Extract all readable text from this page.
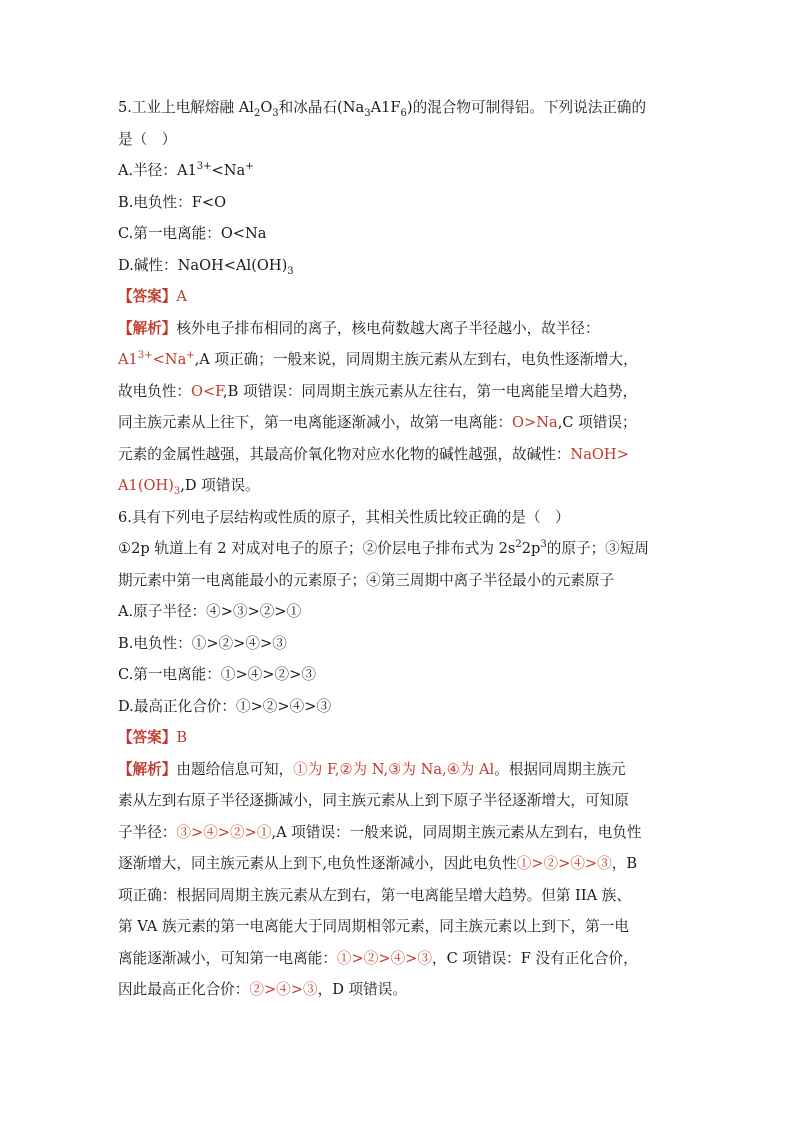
5.工业上电解熔融 $Al_2O_3$和冰晶石$(Na_3A1F_6)$的混合物可制得铝。下列说法正确的
是（　）
A.半径：$A1^{3+}<Na^+$
B.电负性：F<O
C.第一电离能：O<Na
D.碱性：$NaOH<Al(OH)_3$
【答案】A
【解析】核外电子排布相同的离子，核电荷数越大离子半径越小，故半径：
$A1^{3+}<Na^+,A$ 项正确；一般来说，同周期主族元素从左到右，电负性逐渐增大，
故电负性：O<F,B 项错误：同周期主族元素从左往右，第一电离能呈增大趋势，
同主族元素从上往下，第一电离能逐渐减小，故第一电离能：O>Na,C 项错误；
元素的金属性越强，其最高价氧化物对应水化物的碱性越强，故碱性：NaOH>
$A1(OH)_3,D$ 项错误。
6.具有下列电子层结构或性质的原子，其相关性质比较正确的是（　）
①2p 轨道上有 2 对成对电子的原子；②价层电子排布式为 $2s^22p^3$的原子；③短周
期元素中第一电离能最小的元素原子；④第三周期中离子半径最小的元素原子
A.原子半径：④>③>②>①
B.电负性：①>②>④>③
C.第一电离能：①>④>②>③
D.最高正化合价：①>②>④>③
【答案】B
【解析】由题给信息可知，①为 F,②为 N,③为 Na,④为 Al。根据同周期主族元
素从左到右原子半径逐撕减小，同主族元素从上到下原子半径逐渐增大，可知原
子半径：③>④>②>①,A 项错误：一般来说，同周期主族元素从左到右，电负性
逐渐增大，同主族元素从上到下,电负性逐渐减小，因此电负性①>②>④>③，B
项正确：根据同周期主族元素从左到右，第一电离能呈增大趋势。但第 IIA 族、
第 VA 族元素的第一电离能大于同周期相邻元素，同主族元素以上到下，第一电
离能逐渐减小，可知第一电离能：①>②>④>③，C 项错误：F 没有正化合价，
因此最高正化合价：②>④>③，D 项错误。
